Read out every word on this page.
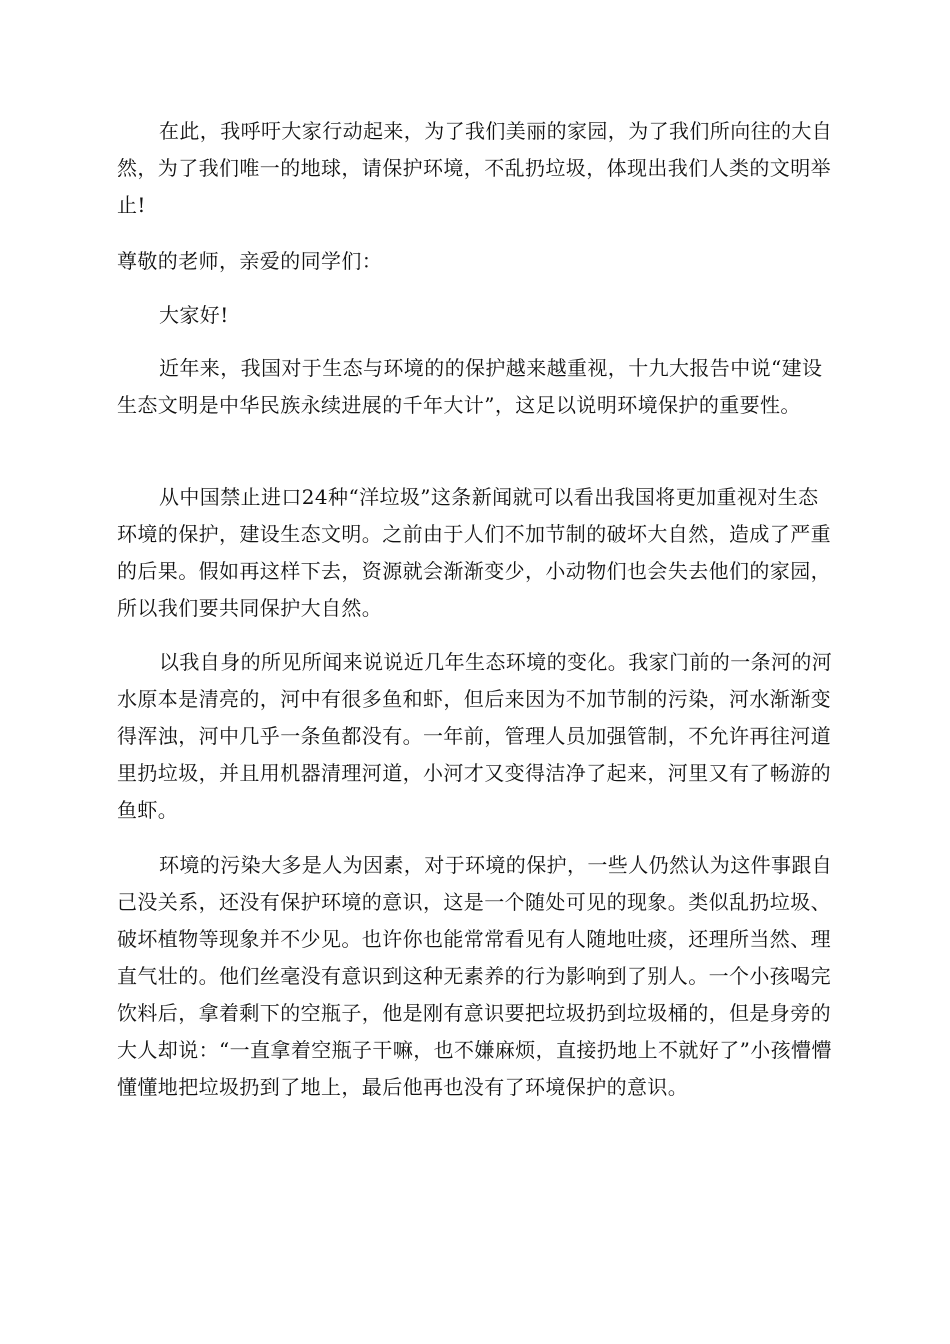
在此，我呼吁大家行动起来，为了我们美丽的家园，为了我们所向往的大自然，为了我们唯一的地球，请保护环境，不乱扔垃圾，体现出我们人类的文明举止!
尊敬的老师，亲爱的同学们：
大家好!
近年来，我国对于生态与环境的的保护越来越重视，十九大报告中说“建设生态文明是中华民族永续进展的千年大计”，这足以说明环境保护的重要性。
从中国禁止进口24种“洋垃圾”这条新闻就可以看出我国将更加重视对生态环境的保护，建设生态文明。之前由于人们不加节制的破坏大自然，造成了严重的后果。假如再这样下去，资源就会渐渐变少，小动物们也会失去他们的家园，所以我们要共同保护大自然。
以我自身的所见所闻来说说近几年生态环境的变化。我家门前的一条河的河水原本是清亮的，河中有很多鱼和虾，但后来因为不加节制的污染，河水渐渐变得浑浊，河中几乎一条鱼都没有。一年前，管理人员加强管制，不允许再往河道里扔垃圾，并且用机器清理河道，小河才又变得洁净了起来，河里又有了畅游的鱼虾。
环境的污染大多是人为因素，对于环境的保护，一些人仍然认为这件事跟自己没关系，还没有保护环境的意识，这是一个随处可见的现象。类似乱扔垃圾、破坏植物等现象并不少见。也许你也能常常看见有人随地吐痰，还理所当然、理直气壮的。他们丝毫没有意识到这种无素养的行为影响到了别人。一个小孩喝完饮料后，拿着剩下的空瓶子，他是刚有意识要把垃圾扔到垃圾桶的，但是身旁的大人却说：“一直拿着空瓶子干嘛，也不嫌麻烦，直接扔地上不就好了”小孩懵懵懂懂地把垃圾扔到了地上，最后他再也没有了环境保护的意识。
